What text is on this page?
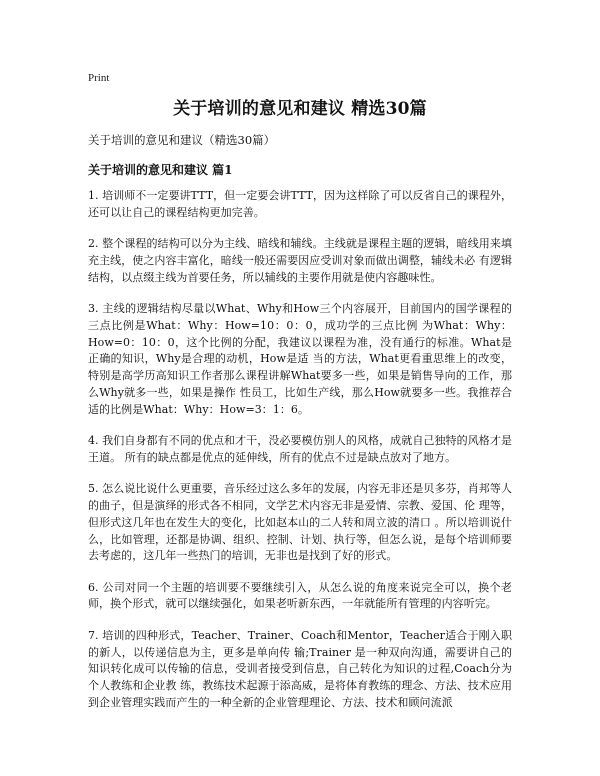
Print
关于培训的意见和建议 精选30篇

关于培训的意见和建议（精选30篇）

关于培训的意见和建议 篇1

1. 培训师不一定要讲TTT，但一定要会讲TTT，因为这样除了可以反省自己的课程外，还可以让自己的课程结构更加完善。

2. 整个课程的结构可以分为主线、暗线和辅线。主线就是课程主题的逻辑，暗线用来填充主线，使之内容丰富化，暗线一般还需要因应受训对象而做出调整，辅线未必 有逻辑结构，以点缀主线为首要任务，所以辅线的主要作用就是使内容趣味性。

3. 主线的逻辑结构尽量以What、Why和How三个内容展开，目前国内的国学课程的三点比例是What：Why：How=10：0：0，成功学的三点比例 为What：Why：How=0：10：0，这个比例的分配，我建议以课程为准，没有通行的标准。What是正确的知识，Why是合理的动机，How是适 当的方法，What更看重思维上的改变，特别是高学历高知识工作者那么课程讲解What要多一些，如果是销售导向的工作，那么Why就多一些，如果是操作 性员工，比如生产线，那么How就要多一些。我推荐合适的比例是What：Why：How=3：1：6。

4. 我们自身都有不同的优点和才干，没必要模仿别人的风格，成就自己独特的风格才是王道。 所有的缺点都是优点的延伸线，所有的优点不过是缺点放对了地方。

5. 怎么说比说什么更重要，音乐经过这么多年的发展，内容无非还是贝多芬，肖邦等人的曲子，但是演绎的形式各不相同，文学艺术内容无非是爱情、宗教、爱国、伦 理等，但形式这几年也在发生大的变化，比如赵本山的二人转和周立波的清口 。所以培训说什么，比如管理，还都是协调、组织、控制、计划、执行等，但怎么说，是每个培训师要去考虑的，这几年一些热门的培训，无非也是找到了好的形式。

6. 公司对同一个主题的培训要不要继续引入，从怎么说的角度来说完全可以，换个老师，换个形式，就可以继续强化，如果老听新东西，一年就能所有管理的内容听完。

7. 培训的四种形式，Teacher、Trainer、Coach和Mentor，Teacher适合于刚入职的新人，以传递信息为主，更多是单向传 输;Trainer 是一种双向沟通，需要讲自己的知识转化成可以传输的信息，受训者接受到信息，自己转化为知识的过程,Coach分为个人教练和企业教 练，教练技术起源于添高威，是将体育教练的理念、方法、技术应用到企业管理实践而产生的一种全新的企业管理理论、方法、技术和顾问流派
